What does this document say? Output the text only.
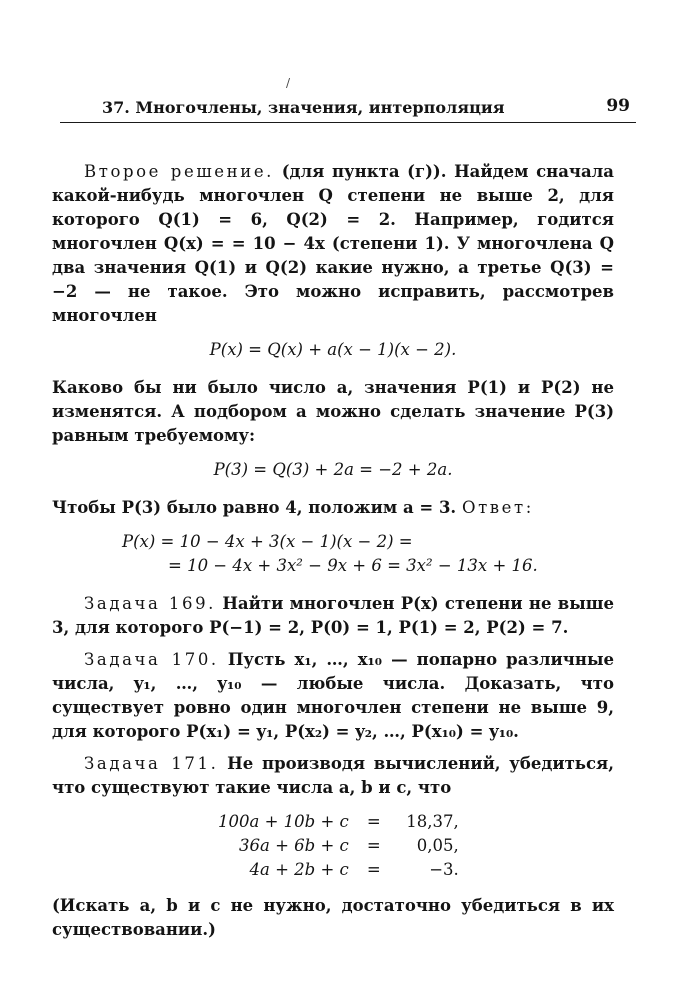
/
37. Многочлены, значения, интерполяция	99

Второе решение. (для пункта (г)). Найдем сначала какой-нибудь многочлен Q степени не выше 2, для которого Q(1) = 6, Q(2) = 2. Например, годится многочлен Q(x) = = 10 − 4x (степени 1). У многочлена Q два значения Q(1) и Q(2) какие нужно, а третье Q(3) = −2 — не такое. Это можно исправить, рассмотрев многочлен

P(x) = Q(x) + a(x − 1)(x − 2).

Каково бы ни было число a, значения P(1) и P(2) не изменятся. А подбором a можно сделать значение P(3) равным требуемому:

P(3) = Q(3) + 2a = −2 + 2a.

Чтобы P(3) было равно 4, положим a = 3. Ответ:

P(x) = 10 − 4x + 3(x − 1)(x − 2) =
= 10 − 4x + 3x² − 9x + 6 = 3x² − 13x + 16.

Задача 169. Найти многочлен P(x) степени не выше 3, для которого P(−1) = 2, P(0) = 1, P(1) = 2, P(2) = 7.

Задача 170. Пусть x₁, …, x₁₀ — попарно различные числа, y₁, …, y₁₀ — любые числа. Доказать, что существует ровно один многочлен степени не выше 9, для которого P(x₁) = y₁, P(x₂) = y₂, …, P(x₁₀) = y₁₀.

Задача 171. Не производя вычислений, убедиться, что существуют такие числа a, b и c, что

100a + 10b + c	=	18,37,
36a + 6b + c	=	0,05,
4a + 2b + c	=	−3.

(Искать a, b и c не нужно, достаточно убедиться в их существовании.)
